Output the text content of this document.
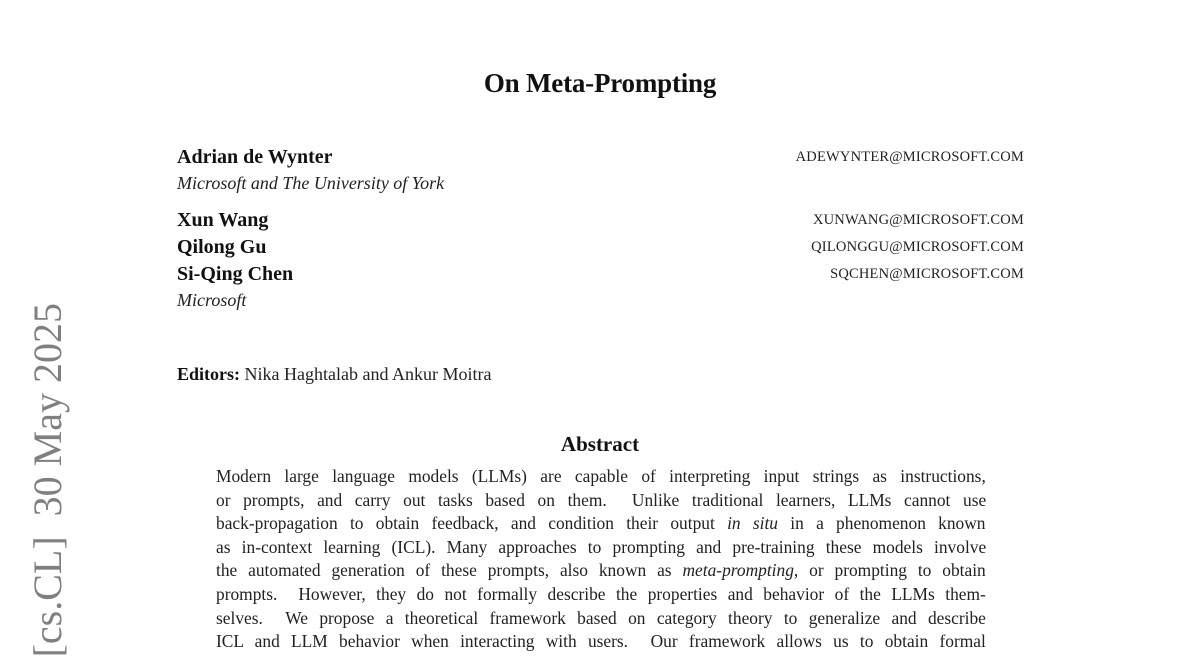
[cs.CL]  30 May 2025

On Meta-Prompting
Adrian de Wynter	ADEWYNTER@MICROSOFT.COM
Microsoft and The University of York
Xun Wang	XUNWANG@MICROSOFT.COM
Qilong Gu	QILONGGU@MICROSOFT.COM
Si-Qing Chen	SQCHEN@MICROSOFT.COM
Microsoft
Editors: Nika Haghtalab and Ankur Moitra
Abstract
Modern large language models (LLMs) are capable of interpreting input strings as instructions,
or prompts, and carry out tasks based on them.  Unlike traditional learners, LLMs cannot use
back-propagation to obtain feedback, and condition their output in situ in a phenomenon known
as in-context learning (ICL). Many approaches to prompting and pre-training these models involve
the automated generation of these prompts, also known as meta-prompting, or prompting to obtain
prompts.  However, they do not formally describe the properties and behavior of the LLMs them-
selves.  We propose a theoretical framework based on category theory to generalize and describe
ICL and LLM behavior when interacting with users.  Our framework allows us to obtain formal
